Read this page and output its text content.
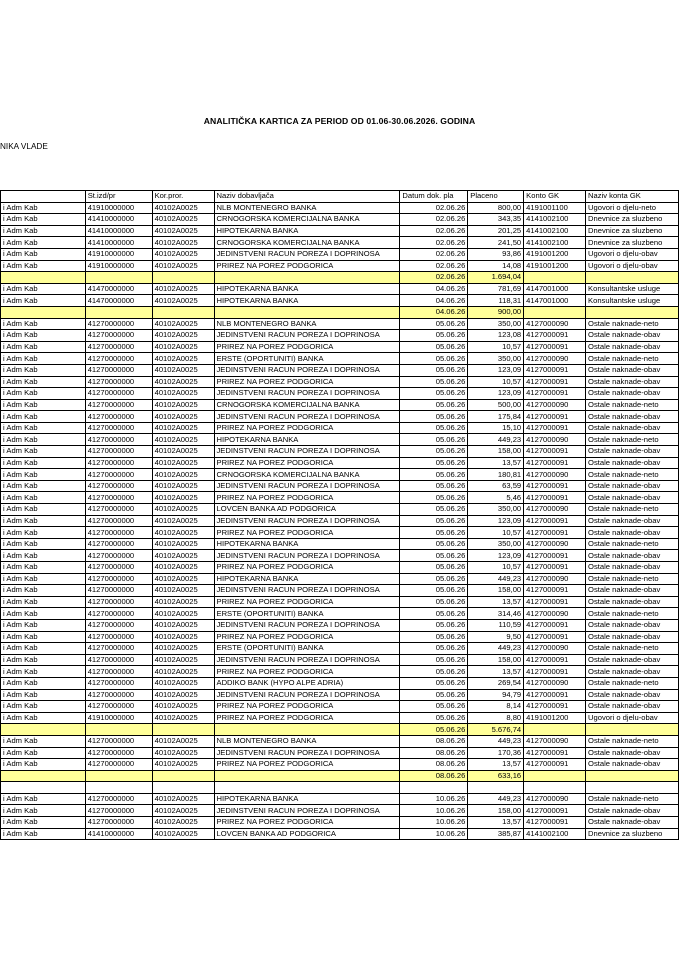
ANALITIČKA KARTICA ZA PERIOD OD 01.06-30.06.2026. GODINA
NIKA VLADE
	St.izd/pr	Kor.pror.	Naziv dobavljača	Datum dok. pla	Placeno	Konto GK	Naziv konta GK
i Adm Kab	41910000000	40102A0025	NLB MONTENEGRO BANKA	02.06.26	800,00	4191001100	Ugovori o djelu-neto
i Adm Kab	41410000000	40102A0025	CRNOGORSKA KOMERCIJALNA BANKA	02.06.26	343,35	4141002100	Dnevnice za sluzbeno
i Adm Kab	41410000000	40102A0025	HIPOTEKARNA BANKA	02.06.26	201,25	4141002100	Dnevnice za sluzbeno
i Adm Kab	41410000000	40102A0025	CRNOGORSKA KOMERCIJALNA BANKA	02.06.26	241,50	4141002100	Dnevnice za sluzbeno
i Adm Kab	41910000000	40102A0025	JEDINSTVENI RACUN POREZA I DOPRINOSA	02.06.26	93,86	4191001200	Ugovori o djelu-obav
i Adm Kab	41910000000	40102A0025	PRIREZ NA POREZ PODGORICA	02.06.26	14,08	4191001200	Ugovori o djelu-obav
				02.06.26	1.694,04		
i Adm Kab	41470000000	40102A0025	HIPOTEKARNA BANKA	04.06.26	781,69	4147001000	Konsultantske usluge
i Adm Kab	41470000000	40102A0025	HIPOTEKARNA BANKA	04.06.26	118,31	4147001000	Konsultantske usluge
				04.06.26	900,00		
i Adm Kab	41270000000	40102A0025	NLB MONTENEGRO BANKA	05.06.26	350,00	4127000090	Ostale naknade-neto
i Adm Kab	41270000000	40102A0025	JEDINSTVENI RACUN POREZA I DOPRINOSA	05.06.26	123,08	4127000091	Ostale naknade-obav
i Adm Kab	41270000000	40102A0025	PRIREZ NA POREZ PODGORICA	05.06.26	10,57	4127000091	Ostale naknade-obav
i Adm Kab	41270000000	40102A0025	ERSTE (OPORTUNITI) BANKA	05.06.26	350,00	4127000090	Ostale naknade-neto
i Adm Kab	41270000000	40102A0025	JEDINSTVENI RACUN POREZA I DOPRINOSA	05.06.26	123,09	4127000091	Ostale naknade-obav
i Adm Kab	41270000000	40102A0025	PRIREZ NA POREZ PODGORICA	05.06.26	10,57	4127000091	Ostale naknade-obav
i Adm Kab	41270000000	40102A0025	JEDINSTVENI RACUN POREZA I DOPRINOSA	05.06.26	123,09	4127000091	Ostale naknade-obav
i Adm Kab	41270000000	40102A0025	CRNOGORSKA KOMERCIJALNA BANKA	05.06.26	500,00	4127000090	Ostale naknade-neto
i Adm Kab	41270000000	40102A0025	JEDINSTVENI RACUN POREZA I DOPRINOSA	05.06.26	175,84	4127000091	Ostale naknade-obav
i Adm Kab	41270000000	40102A0025	PRIREZ NA POREZ PODGORICA	05.06.26	15,10	4127000091	Ostale naknade-obav
i Adm Kab	41270000000	40102A0025	HIPOTEKARNA BANKA	05.06.26	449,23	4127000090	Ostale naknade-neto
i Adm Kab	41270000000	40102A0025	JEDINSTVENI RACUN POREZA I DOPRINOSA	05.06.26	158,00	4127000091	Ostale naknade-obav
i Adm Kab	41270000000	40102A0025	PRIREZ NA POREZ PODGORICA	05.06.26	13,57	4127000091	Ostale naknade-obav
i Adm Kab	41270000000	40102A0025	CRNOGORSKA KOMERCIJALNA BANKA	05.06.26	180,81	4127000090	Ostale naknade-neto
i Adm Kab	41270000000	40102A0025	JEDINSTVENI RACUN POREZA I DOPRINOSA	05.06.26	63,59	4127000091	Ostale naknade-obav
i Adm Kab	41270000000	40102A0025	PRIREZ NA POREZ PODGORICA	05.06.26	5,46	4127000091	Ostale naknade-obav
i Adm Kab	41270000000	40102A0025	LOVCEN BANKA AD PODGORICA	05.06.26	350,00	4127000090	Ostale naknade-neto
i Adm Kab	41270000000	40102A0025	JEDINSTVENI RACUN POREZA I DOPRINOSA	05.06.26	123,09	4127000091	Ostale naknade-obav
i Adm Kab	41270000000	40102A0025	PRIREZ NA POREZ PODGORICA	05.06.26	10,57	4127000091	Ostale naknade-obav
i Adm Kab	41270000000	40102A0025	HIPOTEKARNA BANKA	05.06.26	350,00	4127000090	Ostale naknade-neto
i Adm Kab	41270000000	40102A0025	JEDINSTVENI RACUN POREZA I DOPRINOSA	05.06.26	123,09	4127000091	Ostale naknade-obav
i Adm Kab	41270000000	40102A0025	PRIREZ NA POREZ PODGORICA	05.06.26	10,57	4127000091	Ostale naknade-obav
i Adm Kab	41270000000	40102A0025	HIPOTEKARNA BANKA	05.06.26	449,23	4127000090	Ostale naknade-neto
i Adm Kab	41270000000	40102A0025	JEDINSTVENI RACUN POREZA I DOPRINOSA	05.06.26	158,00	4127000091	Ostale naknade-obav
i Adm Kab	41270000000	40102A0025	PRIREZ NA POREZ PODGORICA	05.06.26	13,57	4127000091	Ostale naknade-obav
i Adm Kab	41270000000	40102A0025	ERSTE (OPORTUNITI) BANKA	05.06.26	314,46	4127000090	Ostale naknade-neto
i Adm Kab	41270000000	40102A0025	JEDINSTVENI RACUN POREZA I DOPRINOSA	05.06.26	110,59	4127000091	Ostale naknade-obav
i Adm Kab	41270000000	40102A0025	PRIREZ NA POREZ PODGORICA	05.06.26	9,50	4127000091	Ostale naknade-obav
i Adm Kab	41270000000	40102A0025	ERSTE (OPORTUNITI) BANKA	05.06.26	449,23	4127000090	Ostale naknade-neto
i Adm Kab	41270000000	40102A0025	JEDINSTVENI RACUN POREZA I DOPRINOSA	05.06.26	158,00	4127000091	Ostale naknade-obav
i Adm Kab	41270000000	40102A0025	PRIREZ NA POREZ PODGORICA	05.06.26	13,57	4127000091	Ostale naknade-obav
i Adm Kab	41270000000	40102A0025	ADDIKO BANK (HYPO ALPE ADRIA)	05.06.26	269,54	4127000090	Ostale naknade-neto
i Adm Kab	41270000000	40102A0025	JEDINSTVENI RACUN POREZA I DOPRINOSA	05.06.26	94,79	4127000091	Ostale naknade-obav
i Adm Kab	41270000000	40102A0025	PRIREZ NA POREZ PODGORICA	05.06.26	8,14	4127000091	Ostale naknade-obav
i Adm Kab	41910000000	40102A0025	PRIREZ NA POREZ PODGORICA	05.06.26	8,80	4191001200	Ugovori o djelu-obav
				05.06.26	5.676,74		
i Adm Kab	41270000000	40102A0025	NLB MONTENEGRO BANKA	08.06.26	449,23	4127000090	Ostale naknade-neto
i Adm Kab	41270000000	40102A0025	JEDINSTVENI RACUN POREZA I DOPRINOSA	08.06.26	170,36	4127000091	Ostale naknade-obav
i Adm Kab	41270000000	40102A0025	PRIREZ NA POREZ PODGORICA	08.06.26	13,57	4127000091	Ostale naknade-obav
				08.06.26	633,16		

i Adm Kab	41270000000	40102A0025	HIPOTEKARNA BANKA	10.06.26	449,23	4127000090	Ostale naknade-neto
i Adm Kab	41270000000	40102A0025	JEDINSTVENI RACUN POREZA I DOPRINOSA	10.06.26	158,00	4127000091	Ostale naknade-obav
i Adm Kab	41270000000	40102A0025	PRIREZ NA POREZ PODGORICA	10.06.26	13,57	4127000091	Ostale naknade-obav
i Adm Kab	41410000000	40102A0025	LOVCEN BANKA AD PODGORICA	10.06.26	385,87	4141002100	Dnevnice za sluzbeno
